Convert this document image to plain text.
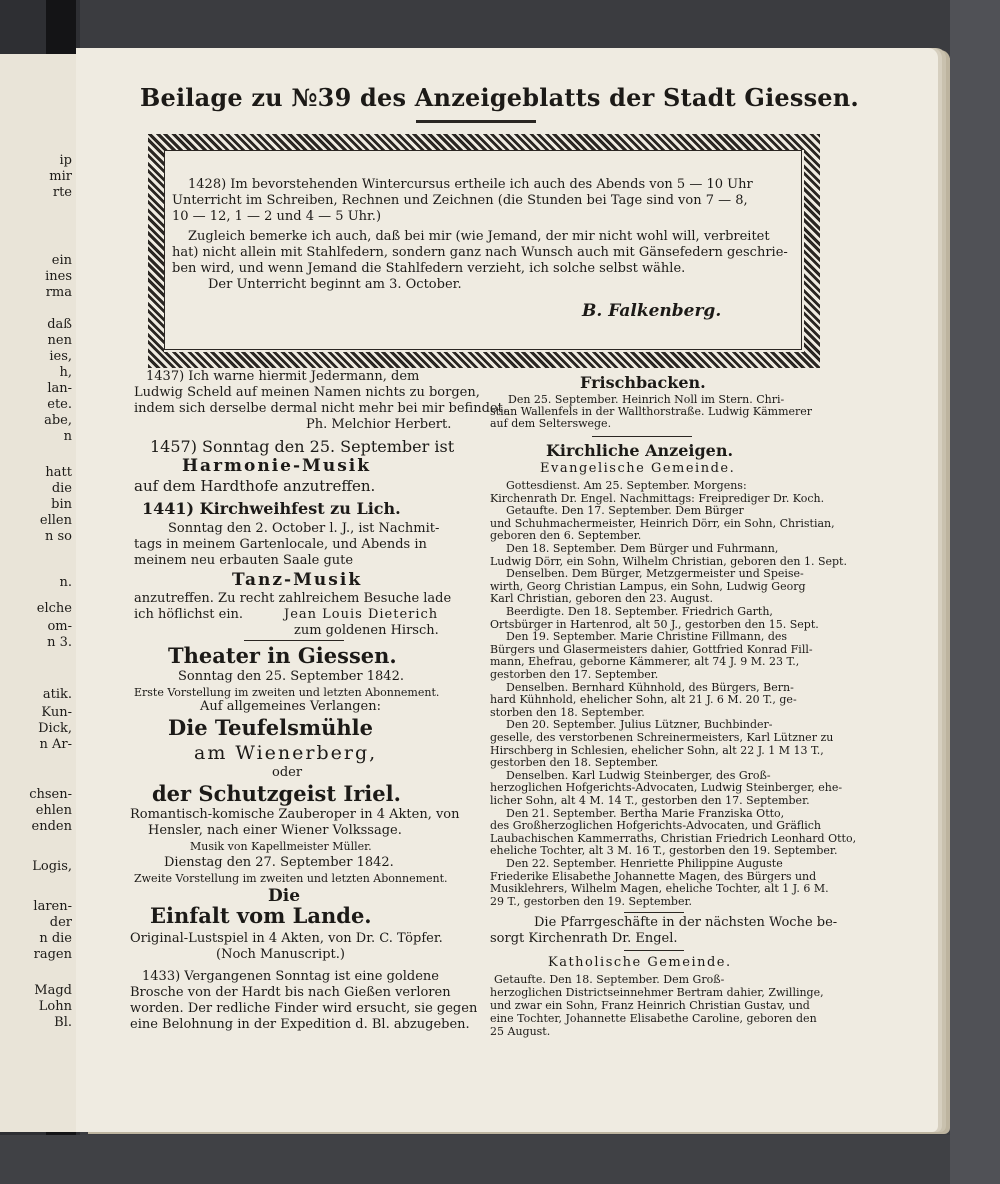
ip
mir
rte
ein
ines
rma
daß
nen
ies,
h,
lan-
ete.
abe,
n
hatt
die
bin
ellen
n so
n.
elche
om-
n 3.
atik.
Kun-
Dick,
n Ar-
chsen-
ehlen
enden
Logis,
laren-
der
n die
ragen
Magd
Lohn
Bl.
Beilage zu №39 des Anzeigeblatts der Stadt Giessen.
1428) Im bevorstehenden Wintercursus ertheile ich auch des Abends von 5 — 10 Uhr
Unterricht im Schreiben, Rechnen und Zeichnen (die Stunden bei Tage sind von 7 — 8,
10 — 12, 1 — 2 und 4 — 5 Uhr.)
Zugleich bemerke ich auch, daß bei mir (wie Jemand, der mir nicht wohl will, verbreitet
hat) nicht allein mit Stahlfedern, sondern ganz nach Wunsch auch mit Gänsefedern geschrie-
ben wird, und wenn Jemand die Stahlfedern verzieht, ich solche selbst wähle.
Der Unterricht beginnt am 3. October.
B. Falkenberg.
1437) Ich warne hiermit Jedermann, dem
Ludwig Scheld auf meinen Namen nichts zu borgen,
indem sich derselbe dermal nicht mehr bei mir befindet.
Ph. Melchior Herbert.
1457) Sonntag den 25. September ist
Harmonie-Musik
auf dem Hardthofe anzutreffen.
1441) Kirchweihfest zu Lich.
Sonntag den 2. October l. J., ist Nachmit-
tags in meinem Gartenlocale, und Abends in
meinem neu erbauten Saale gute
Tanz-Musik
anzutreffen. Zu recht zahlreichem Besuche lade
ich höflichst ein.	Jean Louis Dieterich
zum goldenen Hirsch.
Theater in Giessen.
Sonntag den 25. September 1842.
Erste Vorstellung im zweiten und letzten Abonnement.
Auf allgemeines Verlangen:
Die Teufelsmühle
am Wienerberg,
oder
der Schutzgeist Iriel.
Romantisch-komische Zauberoper in 4 Akten, von
Hensler, nach einer Wiener Volkssage.
Musik von Kapellmeister Müller.
Dienstag den 27. September 1842.
Zweite Vorstellung im zweiten und letzten Abonnement.
Die
Einfalt vom Lande.
Original-Lustspiel in 4 Akten, von Dr. C. Töpfer.
(Noch Manuscript.)
1433) Vergangenen Sonntag ist eine goldene
Brosche von der Hardt bis nach Gießen verloren
worden. Der redliche Finder wird ersucht, sie gegen
eine Belohnung in der Expedition d. Bl. abzugeben.
Frischbacken.
Den 25. September. Heinrich Noll im Stern. Chri-
stian Wallenfels in der Wallthorstraße. Ludwig Kämmerer
auf dem Selterswege.
Kirchliche Anzeigen.
Evangelische Gemeinde.
Gottesdienst. Am 25. September. Morgens:
Kirchenrath Dr. Engel. Nachmittags: Freiprediger Dr. Koch.
Getaufte. Den 17. September. Dem Bürger
und Schuhmachermeister, Heinrich Dörr, ein Sohn, Christian,
geboren den 6. September.
Den 18. September. Dem Bürger und Fuhrmann,
Ludwig Dörr, ein Sohn, Wilhelm Christian, geboren den 1. Sept.
Denselben. Dem Bürger, Metzgermeister und Speise-
wirth, Georg Christian Lampus, ein Sohn, Ludwig Georg
Karl Christian, geboren den 23. August.
Beerdigte. Den 18. September. Friedrich Garth,
Ortsbürger in Hartenrod, alt 50 J., gestorben den 15. Sept.
Den 19. September. Marie Christine Fillmann, des
Bürgers und Glasermeisters dahier, Gottfried Konrad Fill-
mann, Ehefrau, geborne Kämmerer, alt 74 J. 9 M. 23 T.,
gestorben den 17. September.
Denselben. Bernhard Kühnhold, des Bürgers, Bern-
hard Kühnhold, ehelicher Sohn, alt 21 J. 6 M. 20 T., ge-
storben den 18. September.
Den 20. September. Julius Lützner, Buchbinder-
geselle, des verstorbenen Schreinermeisters, Karl Lützner zu
Hirschberg in Schlesien, ehelicher Sohn, alt 22 J. 1 M 13 T.,
gestorben den 18. September.
Denselben. Karl Ludwig Steinberger, des Groß-
herzoglichen Hofgerichts-Advocaten, Ludwig Steinberger, ehe-
licher Sohn, alt 4 M. 14 T., gestorben den 17. September.
Den 21. September. Bertha Marie Franziska Otto,
des Großherzoglichen Hofgerichts-Advocaten, und Gräflich
Laubachischen Kammerraths, Christian Friedrich Leonhard Otto,
eheliche Tochter, alt 3 M. 16 T., gestorben den 19. September.
Den 22. September. Henriette Philippine Auguste
Friederike Elisabethe Johannette Magen, des Bürgers und
Musiklehrers, Wilhelm Magen, eheliche Tochter, alt 1 J. 6 M.
29 T., gestorben den 19. September.
Die Pfarrgeschäfte in der nächsten Woche be-
sorgt Kirchenrath Dr. Engel.
Katholische Gemeinde.
Getaufte. Den 18. September. Dem Groß-
herzoglichen Districtseinnehmer Bertram dahier, Zwillinge,
und zwar ein Sohn, Franz Heinrich Christian Gustav, und
eine Tochter, Johannette Elisabethe Caroline, geboren den
25 August.
